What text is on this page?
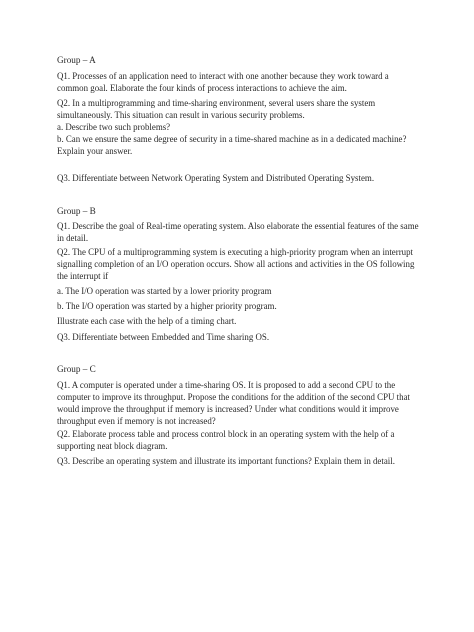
Group – A
Q1. Processes of an application need to interact with one another because they work toward a
common goal. Elaborate the four kinds of process interactions to achieve the aim.
Q2. In a multiprogramming and time-sharing environment, several users share the system
simultaneously. This situation can result in various security problems.
a. Describe two such problems?
b. Can we ensure the same degree of security in a time-shared machine as in a dedicated machine?
Explain your answer.
Q3. Differentiate between Network Operating System and Distributed Operating System.
Group – B
Q1. Describe the goal of Real-time operating system. Also elaborate the essential features of the same
in detail.
Q2. The CPU of a multiprogramming system is executing a high-priority program when an interrupt
signalling completion of an I/O operation occurs. Show all actions and activities in the OS following
the interrupt if
a. The I/O operation was started by a lower priority program
b. The I/O operation was started by a higher priority program.
Illustrate each case with the help of a timing chart.
Q3. Differentiate between Embedded and Time sharing OS.
Group – C
Q1. A computer is operated under a time-sharing OS. It is proposed to add a second CPU to the
computer to improve its throughput. Propose the conditions for the addition of the second CPU that
would improve the throughput if memory is increased? Under what conditions would it improve
throughput even if memory is not increased?
Q2. Elaborate process table and process control block in an operating system with the help of a
supporting neat block diagram.
Q3. Describe an operating system and illustrate its important functions? Explain them in detail.
